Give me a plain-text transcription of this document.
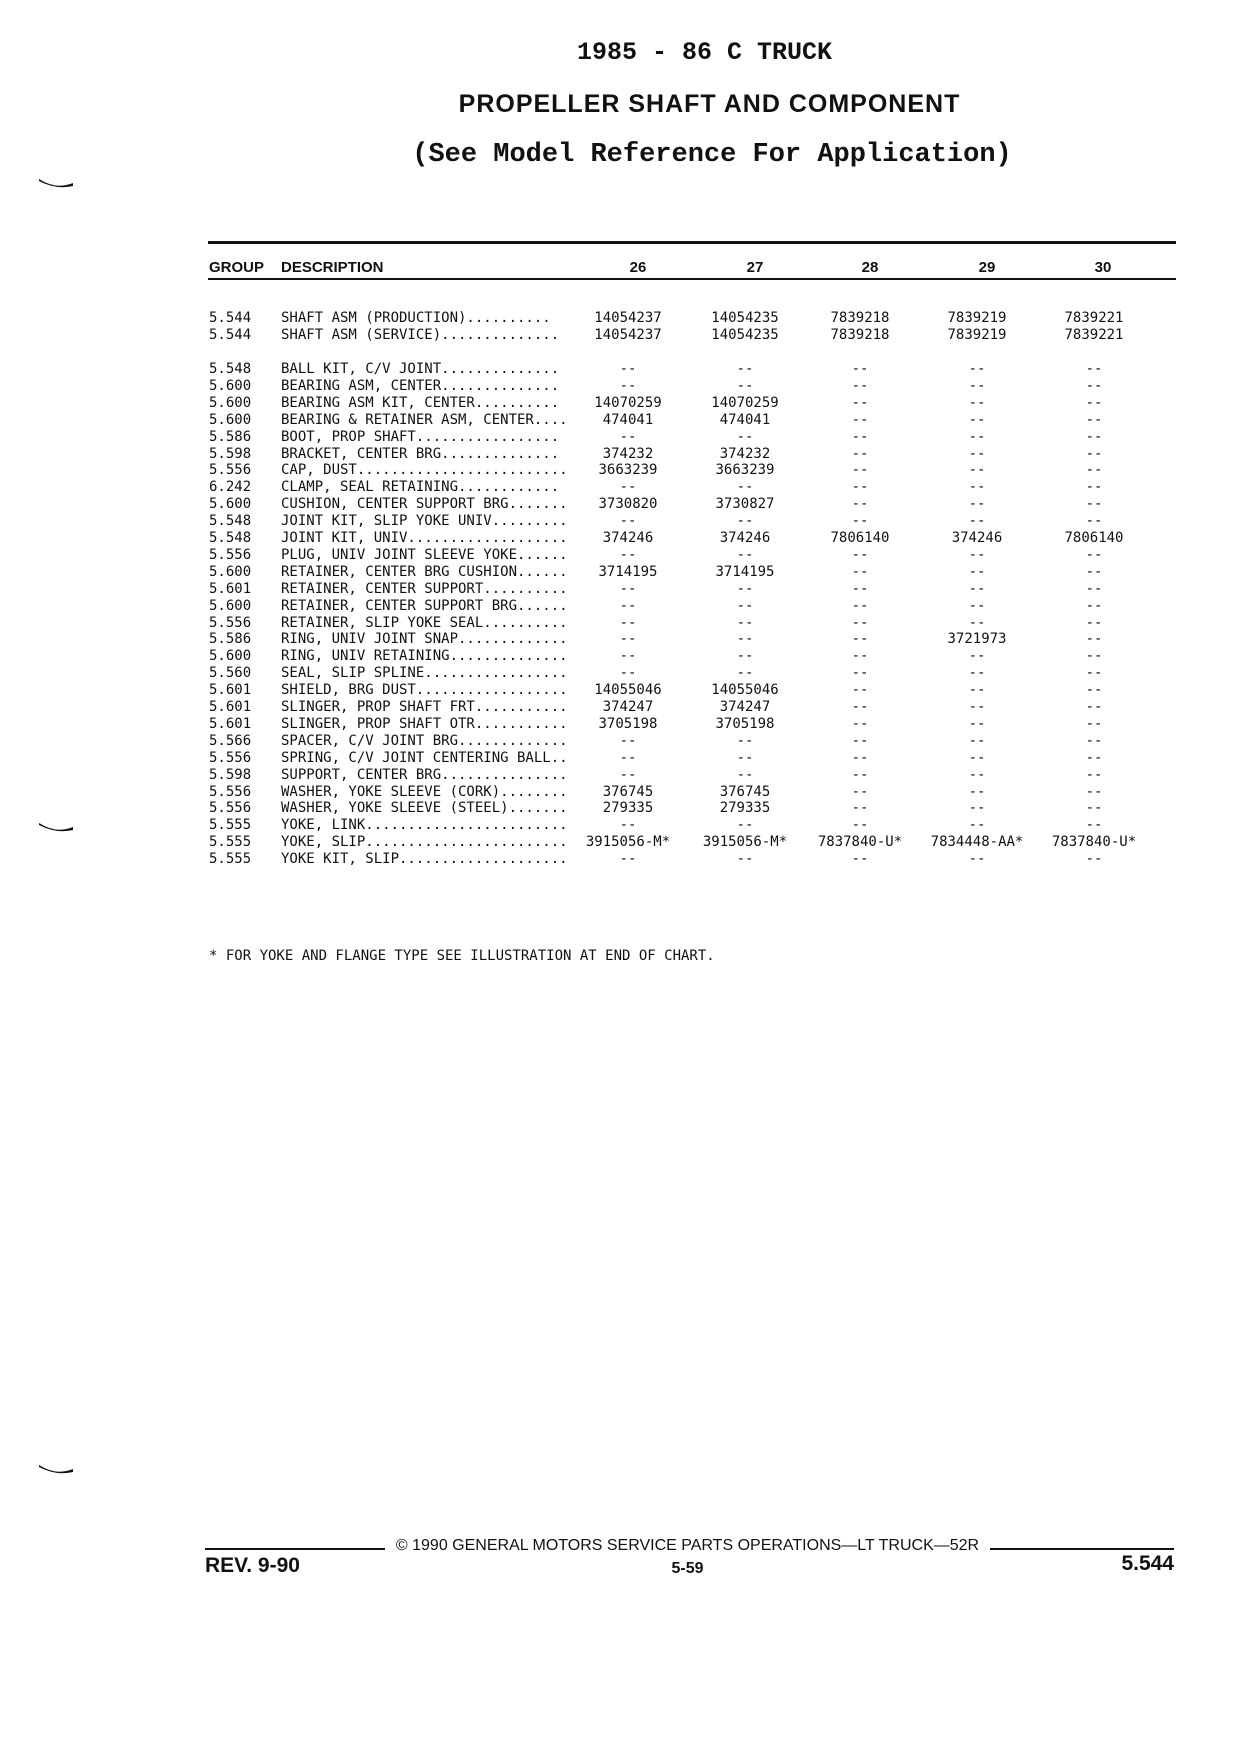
1985 - 86 C TRUCK
PROPELLER SHAFT AND COMPONENT
(See Model Reference For Application)
GROUP DESCRIPTION	26	27	28	29	30
5.544 SHAFT ASM (PRODUCTION)..........	14054237	14054235	7839218	7839219	7839221
5.544 SHAFT ASM (SERVICE)..............	14054237	14054235	7839218	7839219	7839221
5.548 BALL KIT, C/V JOINT..............	--	--	--	--	--
5.600 BEARING ASM, CENTER..............	--	--	--	--	--
5.600 BEARING ASM KIT, CENTER..........	14070259	14070259	--	--	--
5.600 BEARING & RETAINER ASM, CENTER....	474041	474041	--	--	--
5.586 BOOT, PROP SHAFT.................	--	--	--	--	--
5.598 BRACKET, CENTER BRG..............	374232	374232	--	--	--
5.556 CAP, DUST.........................	3663239	3663239	--	--	--
6.242 CLAMP, SEAL RETAINING............	--	--	--	--	--
5.600 CUSHION, CENTER SUPPORT BRG.......	3730820	3730827	--	--	--
5.548 JOINT KIT, SLIP YOKE UNIV.........	--	--	--	--	--
5.548 JOINT KIT, UNIV...................	374246	374246	7806140	374246	7806140
5.556 PLUG, UNIV JOINT SLEEVE YOKE......	--	--	--	--	--
5.600 RETAINER, CENTER BRG CUSHION......	3714195	3714195	--	--	--
5.601 RETAINER, CENTER SUPPORT..........	--	--	--	--	--
5.600 RETAINER, CENTER SUPPORT BRG......	--	--	--	--	--
5.556 RETAINER, SLIP YOKE SEAL..........	--	--	--	--	--
5.586 RING, UNIV JOINT SNAP.............	--	--	--	3721973	--
5.600 RING, UNIV RETAINING..............	--	--	--	--	--
5.560 SEAL, SLIP SPLINE.................	--	--	--	--	--
5.601 SHIELD, BRG DUST..................	14055046	14055046	--	--	--
5.601 SLINGER, PROP SHAFT FRT...........	374247	374247	--	--	--
5.601 SLINGER, PROP SHAFT OTR...........	3705198	3705198	--	--	--
5.566 SPACER, C/V JOINT BRG.............	--	--	--	--	--
5.556 SPRING, C/V JOINT CENTERING BALL..	--	--	--	--	--
5.598 SUPPORT, CENTER BRG...............	--	--	--	--	--
5.556 WASHER, YOKE SLEEVE (CORK)........	376745	376745	--	--	--
5.556 WASHER, YOKE SLEEVE (STEEL).......	279335	279335	--	--	--
5.555 YOKE, LINK........................	--	--	--	--	--
5.555 YOKE, SLIP........................	3915056-M*	3915056-M*	7837840-U*	7834448-AA*	7837840-U*
5.555 YOKE KIT, SLIP....................	--	--	--	--	--
* FOR YOKE AND FLANGE TYPE SEE ILLUSTRATION AT END OF CHART.
© 1990 GENERAL MOTORS SERVICE PARTS OPERATIONS—LT TRUCK—52R
5-59
REV. 9-90	5.544
